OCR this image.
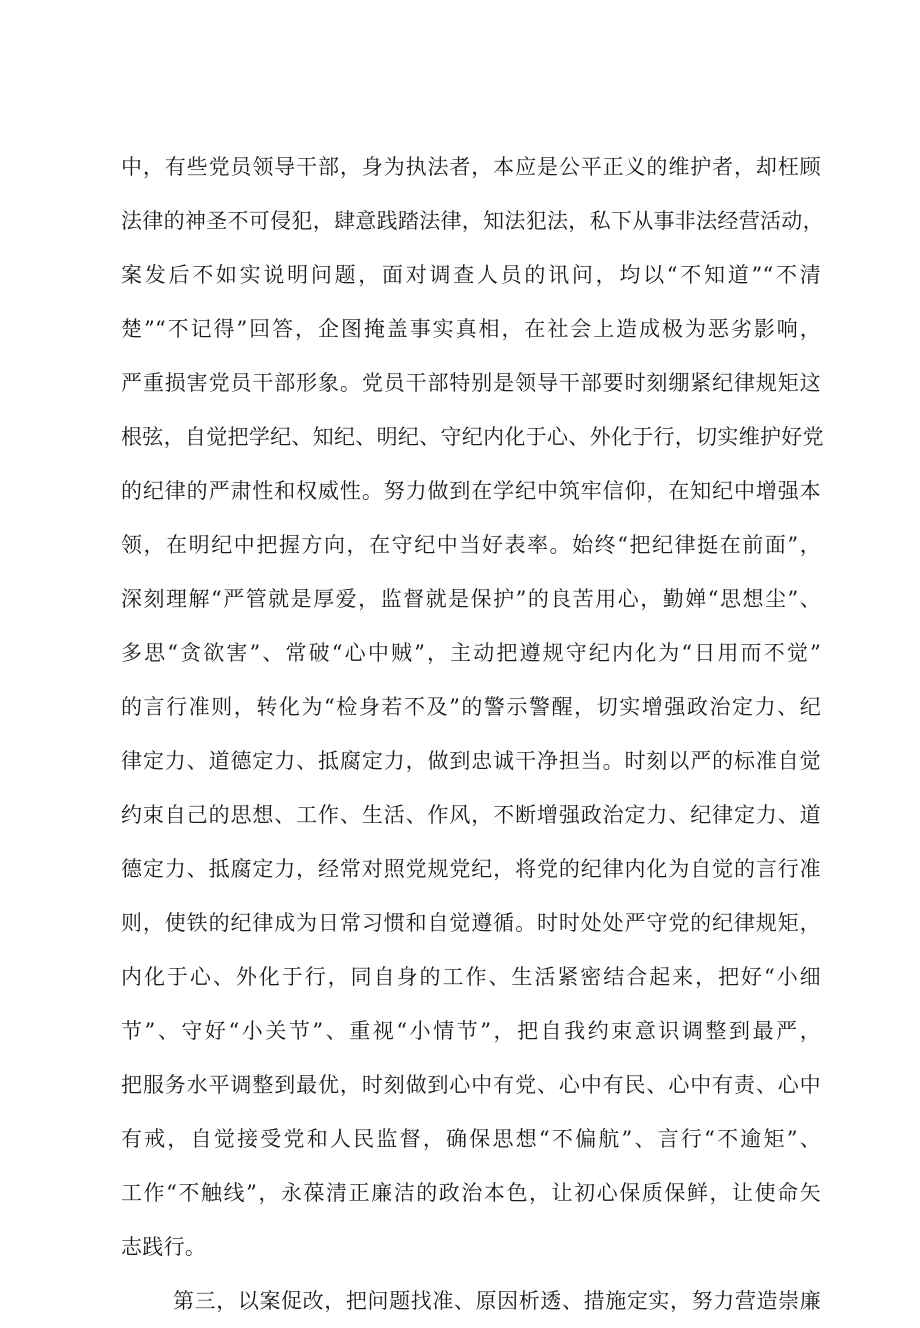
中，有些党员领导干部，身为执法者，本应是公平正义的维护者，却枉顾
法律的神圣不可侵犯，肆意践踏法律，知法犯法，私下从事非法经营活动，
案发后不如实说明问题，面对调查人员的讯问，均以“不知道”“不清
楚”“不记得”回答，企图掩盖事实真相，在社会上造成极为恶劣影响，
严重损害党员干部形象。党员干部特别是领导干部要时刻绷紧纪律规矩这
根弦，自觉把学纪、知纪、明纪、守纪内化于心、外化于行，切实维护好党
的纪律的严肃性和权威性。努力做到在学纪中筑牢信仰，在知纪中增强本
领，在明纪中把握方向，在守纪中当好表率。始终“把纪律挺在前面”，
深刻理解“严管就是厚爱，监督就是保护”的良苦用心，勤婵“思想尘”、
多思“贪欲害”、常破“心中贼”，主动把遵规守纪内化为“日用而不觉”
的言行准则，转化为“检身若不及”的警示警醒，切实增强政治定力、纪
律定力、道德定力、抵腐定力，做到忠诚干净担当。时刻以严的标准自觉
约束自己的思想、工作、生活、作风，不断增强政治定力、纪律定力、道
德定力、抵腐定力，经常对照党规党纪，将党的纪律内化为自觉的言行准
则，使铁的纪律成为日常习惯和自觉遵循。时时处处严守党的纪律规矩，
内化于心、外化于行，同自身的工作、生活紧密结合起来，把好“小细
节”、守好“小关节”、重视“小情节”，把自我约束意识调整到最严，
把服务水平调整到最优，时刻做到心中有党、心中有民、心中有责、心中
有戒，自觉接受党和人民监督，确保思想“不偏航”、言行“不逾矩”、
工作“不触线”，永葆清正廉洁的政治本色，让初心保质保鲜，让使命矢
志践行。
第三，以案促改，把问题找准、原因析透、措施定实，努力营造崇廉
